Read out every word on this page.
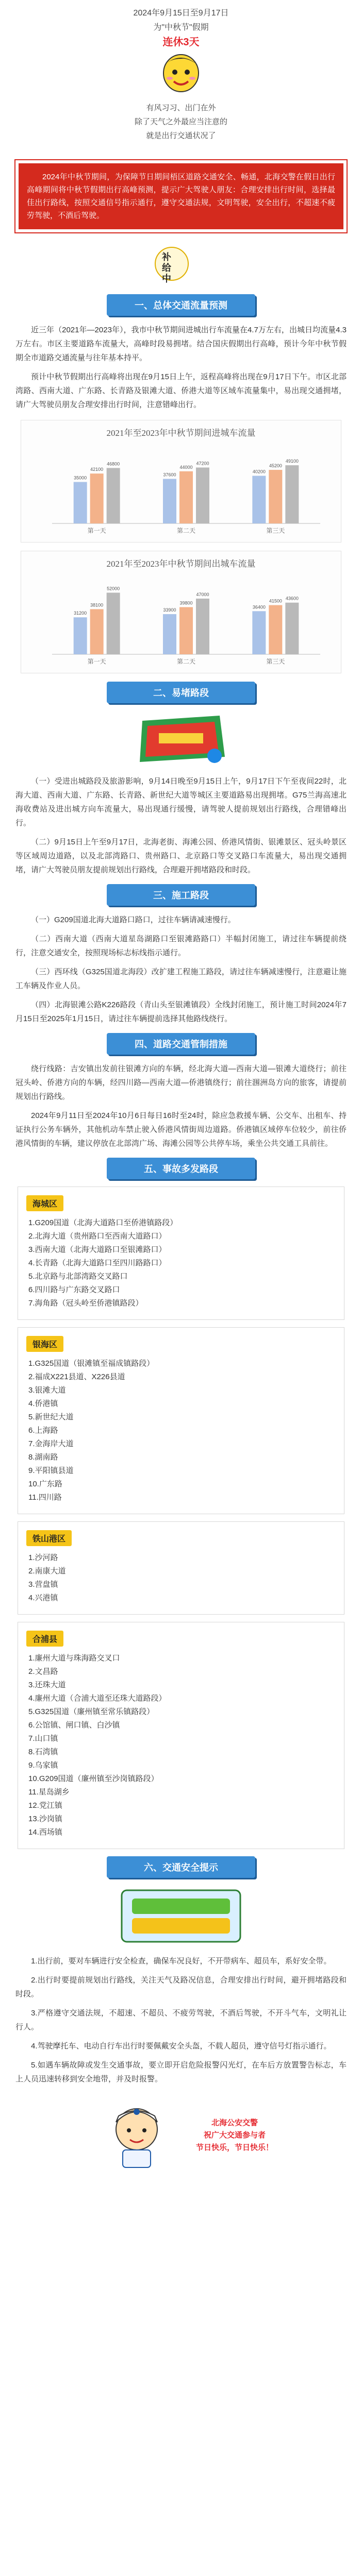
2024年9月15日至9月17日
为"中秋节"假期
连休3天
有风习习、出门在外
除了天气之外最应当注意的
就是出行交通状况了
2024年中秋节期间，为保障节日期间梧区道路交通安全、畅通，北海交警在假日出行高峰期间将中秋节假期出行高峰预测，提示广大驾驶人朋友：合理安排出行时间，选择最佳出行路线，按照交通信号指示通行，遵守交通法规，文明驾驶，安全出行，不超速不疲劳驾驶，不酒后驾驶。
补给中
一、总体交通流量预测
近三年（2021年—2023年），我市中秋节期间进城出行车流量在4.7万左右，出城日均流量4.3万左右。市区主要道路车流量大，高峰时段易拥堵。结合国庆假期出行高峰，预计今年中秋节假期全市道路交通流量与往年基本持平。
预计中秋节假期出行高峰将出现在9月15日上午，返程高峰将出现在9月17日下午。市区北部湾路、西南大道、广东路、长青路及银滩大道、侨港大道等区域车流量集中，易出现交通拥堵，请广大驾驶员朋友合理安排出行时间，注意错峰出行。
2021年至2023年中秋节期间进城车流量
第一天
35000
42100
46800
第二天
37600
44000
47200
第三天
40200
45200
49100
2021年至2023年中秋节期间出城车流量
第一天
31200
38100
52000
第二天
33900
39800
47000
第三天
36400
41500 43600
二、易堵路段
（一）受进出城路段及旅游影响，9月14日晚至9月15日上午，9月17日下午至夜间22时，北海大道、西南大道、广东路、长青路、新世纪大道等城区主要道路易出现拥堵。G75兰海高速北海收费站及进出城方向车流量大，易出现通行缓慢，请驾驶人提前规划出行路线，合理错峰出行。
（二）9月15日上午至9月17日，北海老街、海滩公园、侨港风情街、银滩景区、冠头岭景区等区域周边道路，以及北部湾路口、贵州路口、北京路口等交叉路口车流量大，易出现交通拥堵，请广大驾驶员朋友提前规划出行路线，合理避开拥堵路段和时段。
三、施工路段
（一）G209国道北海大道路口路口，过往车辆请减速慢行。
（二）西南大道（西南大道星岛湖路口至银滩路路口）半幅封闭施工，请过往车辆提前绕行，注意交通安全，按照现场标志标线指示通行。
（三）西环线（G325国道北海段）改扩建工程施工路段，请过往车辆减速慢行，注意避让施工车辆及作业人员。
（四）北海银滩公路K226路段（青山头至银滩镇段）全线封闭施工，预计施工时间2024年7月15日至2025年1月15日，请过往车辆提前选择其他路线绕行。
四、道路交通管制措施
绕行线路：吉安镇出发前往银滩方向的车辆，经北海大道—西南大道—银滩大道绕行；前往冠头岭、侨港方向的车辆，经四川路—西南大道—侨港镇绕行；前往涠洲岛方向的旅客，请提前规划出行路线。
2024年9月11日至2024年10月6日每日16时至24时，除应急救援车辆、公交车、出租车、持证执行公务车辆外，其他机动车禁止驶入侨港风情街周边道路。侨港镇区域停车位较少，前往侨港风情街的车辆，建议停放在北部湾广场、海滩公园等公共停车场，乘坐公共交通工具前往。
五、事故多发路段
海城区
1.G209国道（北海大道路口至侨港镇路段）
2.北海大道（贵州路口至西南大道路口）
3.西南大道（北海大道路口至银滩路口）
4.长青路（北海大道路口至四川路路口）
5.北京路与北部湾路交叉路口
6.四川路与广东路交叉路口
7.海角路（冠头岭至侨港镇路段）
银海区
1.G325国道（银滩镇至福成镇路段）
2.福成X221县道、X226县道
3.银滩大道
4.侨港镇
5.新世纪大道
6.上海路
7.金海岸大道
8.湖南路
9.平阳镇县道
10.广东路
11.四川路
铁山港区
1.沙河路
2.南康大道
3.营盘镇
4.兴港镇
合浦县
1.廉州大道与珠海路交叉口
2.文昌路
3.还珠大道
4.廉州大道（合浦大道至还珠大道路段）
5.G325国道（廉州镇至常乐镇路段）
6.公馆镇、闸口镇、白沙镇
7.山口镇
8.石湾镇
9.乌家镇
10.G209国道（廉州镇至沙岗镇路段）
11.星岛湖乡
12.党江镇
13.沙岗镇
14.西场镇
六、交通安全提示
1.出行前，要对车辆进行安全检查，确保车况良好，不开带病车、超员车，系好安全带。
2.出行时要提前规划出行路线，关注天气及路况信息，合理安排出行时间，避开拥堵路段和时段。
3.严格遵守交通法规，不超速、不超员、不疲劳驾驶，不酒后驾驶，不开斗气车，文明礼让行人。
4.驾驶摩托车、电动自行车出行时要佩戴安全头盔，不载人超员，遵守信号灯指示通行。
5.如遇车辆故障或发生交通事故，要立即开启危险报警闪光灯，在车后方放置警告标志，车上人员迅速转移到安全地带，并及时报警。
北海公安交警
祝广大交通参与者
节日快乐，节日快乐！
